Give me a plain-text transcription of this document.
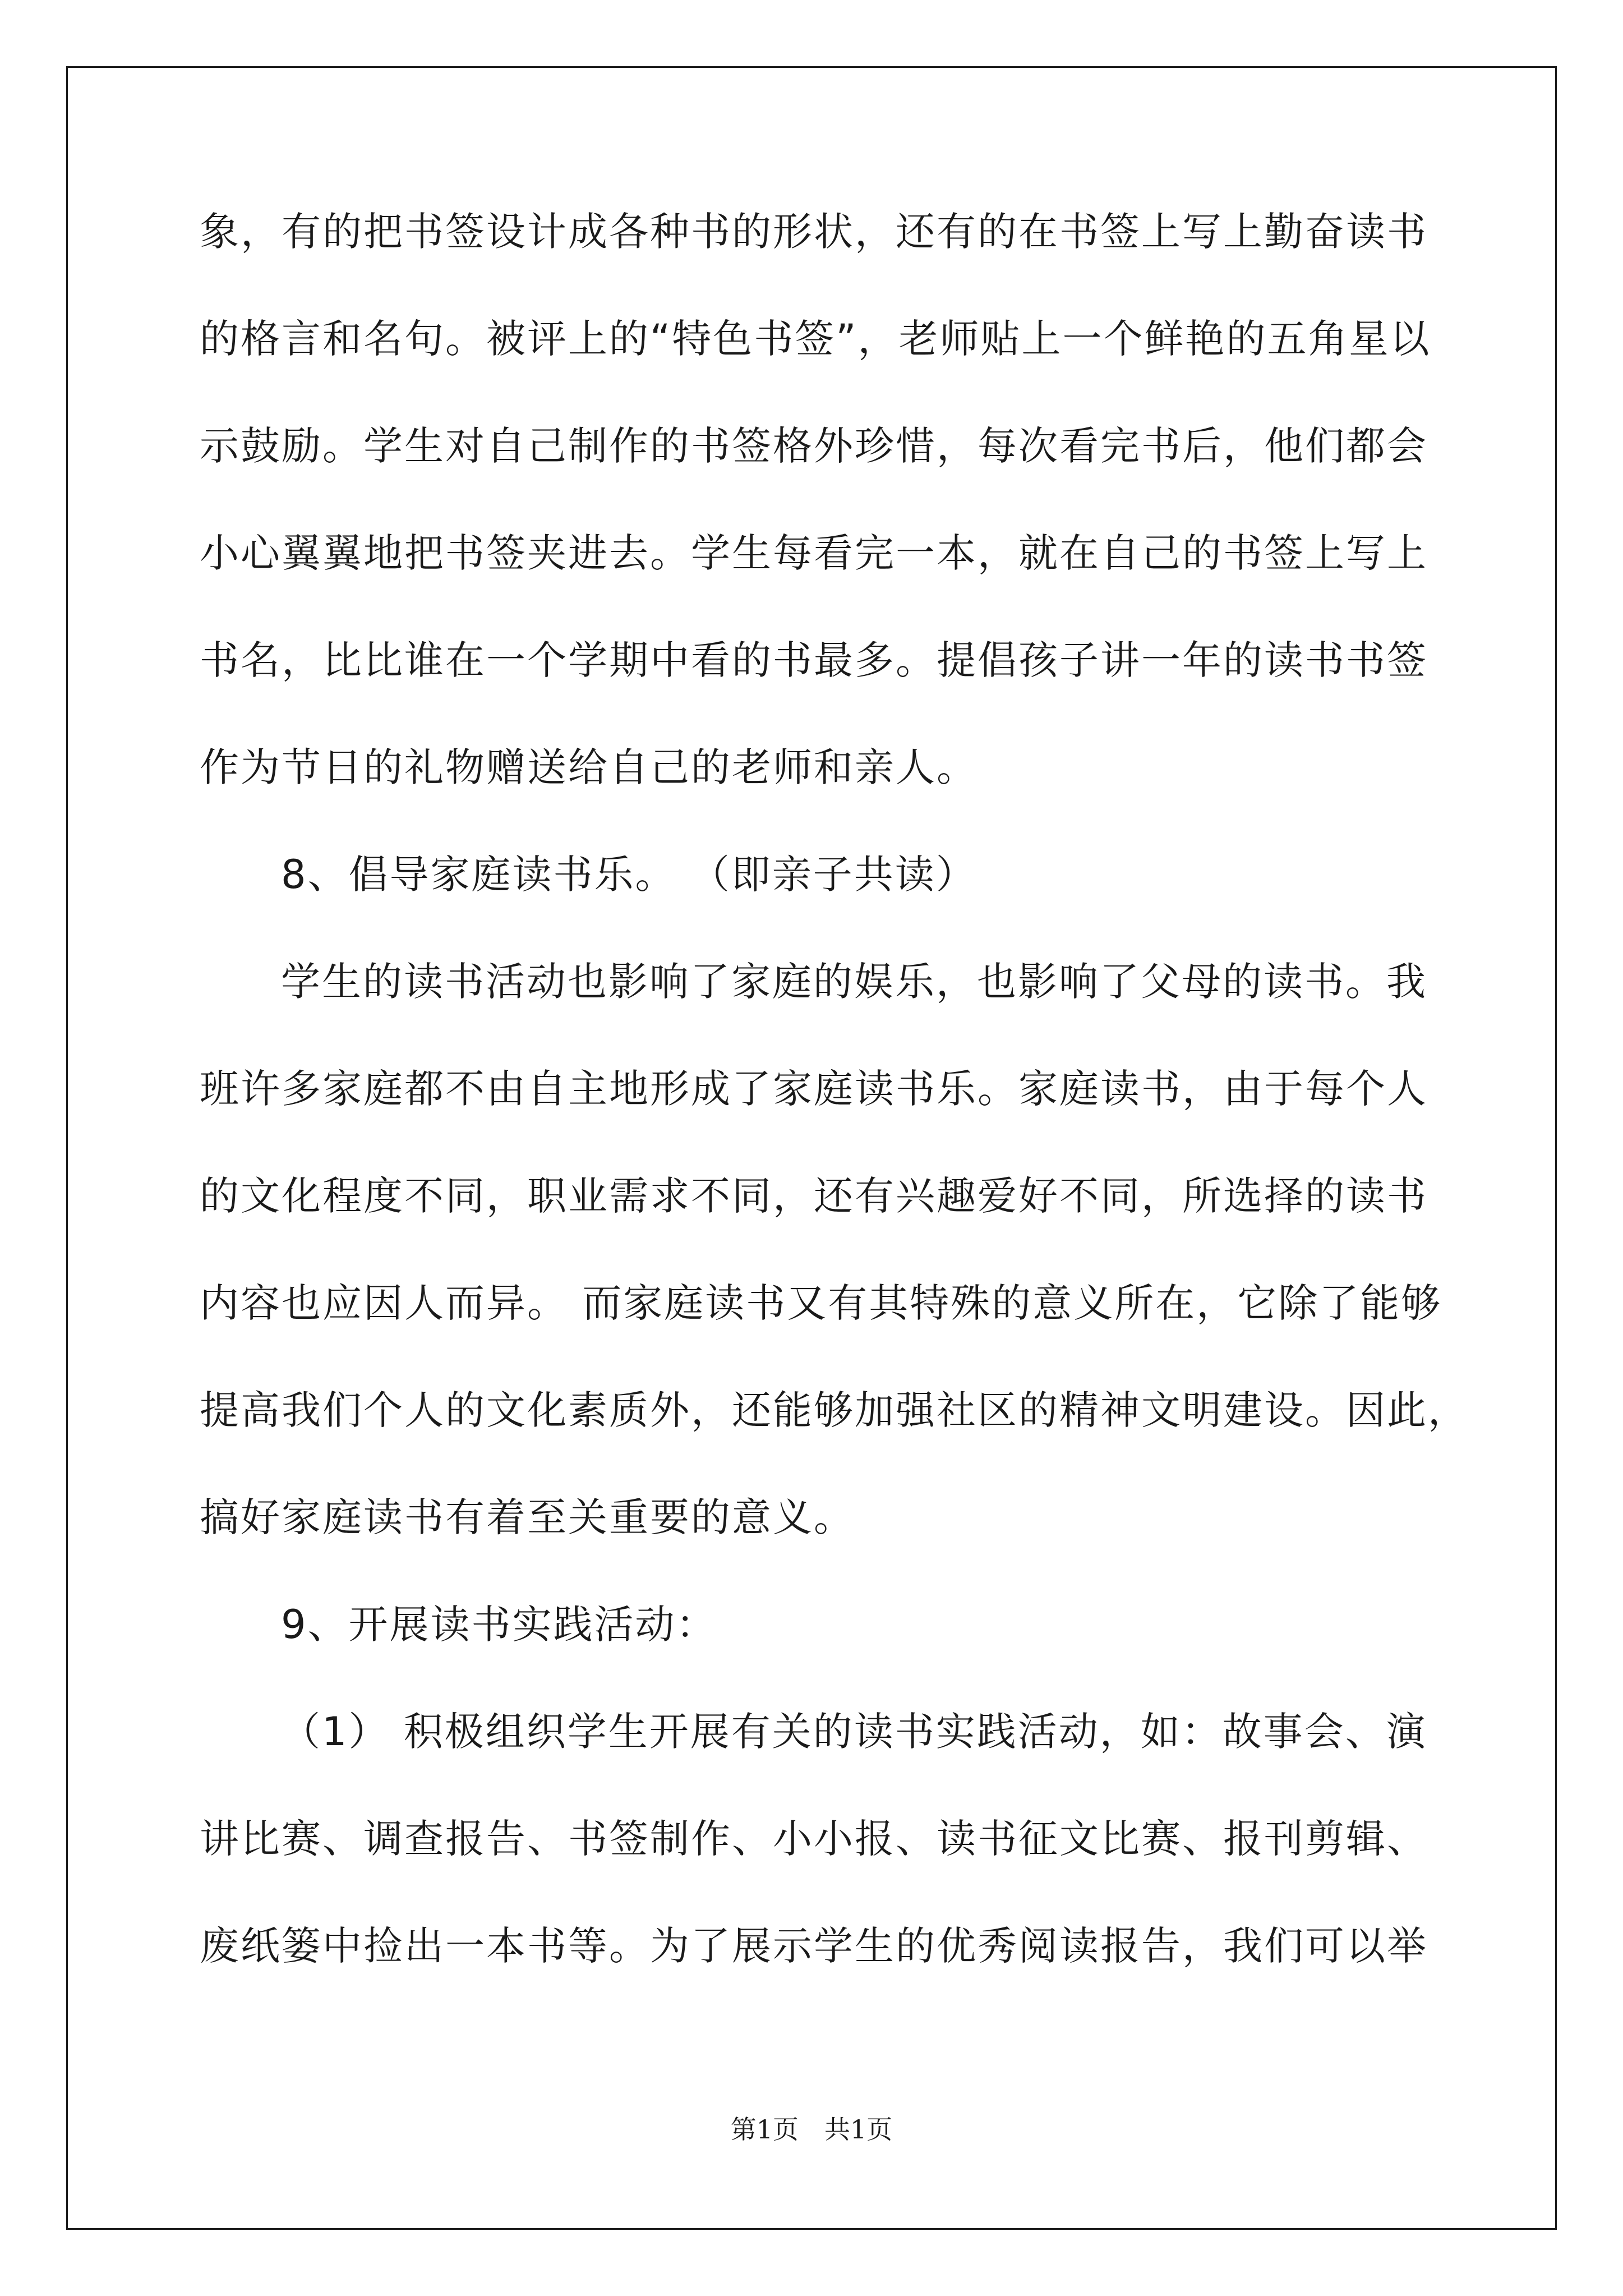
象，有的把书签设计成各种书的形状，还有的在书签上写上勤奋读书
的格言和名句。被评上的“特色书签”，老师贴上一个鲜艳的五角星以
示鼓励。学生对自己制作的书签格外珍惜，每次看完书后，他们都会
小心翼翼地把书签夹进去。学生每看完一本，就在自己的书签上写上
书名，比比谁在一个学期中看的书最多。提倡孩子讲一年的读书书签
作为节日的礼物赠送给自己的老师和亲人。
8、倡导家庭读书乐。 （即亲子共读）
学生的读书活动也影响了家庭的娱乐，也影响了父母的读书。我
班许多家庭都不由自主地形成了家庭读书乐。家庭读书，由于每个人
的文化程度不同，职业需求不同，还有兴趣爱好不同，所选择的读书
内容也应因人而异。 而家庭读书又有其特殊的意义所在，它除了能够
提高我们个人的文化素质外，还能够加强社区的精神文明建设。因此，
搞好家庭读书有着至关重要的意义。
9、开展读书实践活动：
（1） 积极组织学生开展有关的读书实践活动，如：故事会、演
讲比赛、调查报告、书签制作、小小报、读书征文比赛、报刊剪辑、
废纸篓中捡出一本书等。为了展示学生的优秀阅读报告，我们可以举
第1页　共1页
